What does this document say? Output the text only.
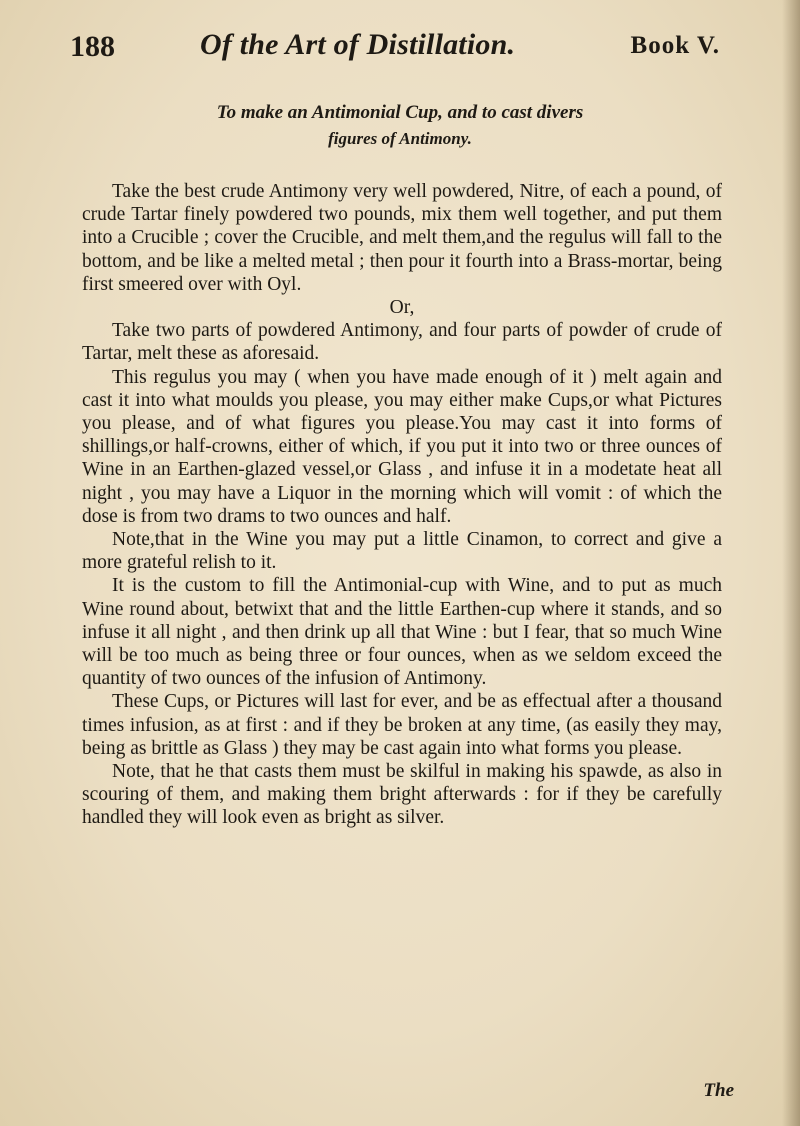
188	Of the Art of Distillation.	Book V.
To make an Antimonial Cup, and to cast divers
figures of Antimony.

Take the best crude Antimony very well powdered, Nitre, of each a pound, of crude Tartar finely powdered two pounds, mix them well together, and put them into a Crucible ; cover the Crucible, and melt them,and the regulus will fall to the bottom, and be like a melted metal ; then pour it fourth into a Brass-mortar, being first smeered over with Oyl.

Or,

Take two parts of powdered Antimony, and four parts of powder of crude of Tartar, melt these as aforesaid.

This regulus you may ( when you have made enough of it ) melt again and cast it into what moulds you please, you may either make Cups,or what Pictures you please, and of what figures you please.You may cast it into forms of shillings,or half-crowns, either of which, if you put it into two or three ounces of Wine in an Earthen-glazed vessel,or Glass , and infuse it in a modetate heat all night , you may have a Liquor in the morning which will vomit : of which the dose is from two drams to two ounces and half.

Note,that in the Wine you may put a little Cinamon, to correct and give a more grateful relish to it.

It is the custom to fill the Antimonial-cup with Wine, and to put as much Wine round about, betwixt that and the little Earthen-cup where it stands, and so infuse it all night , and then drink up all that Wine : but I fear, that so much Wine will be too much as being three or four ounces, when as we seldom exceed the quantity of two ounces of the infusion of Antimony.

These Cups, or Pictures will last for ever, and be as effectual after a thousand times infusion, as at first : and if they be broken at any time, (as easily they may, being as brittle as Glass ) they may be cast again into what forms you please.

Note, that he that casts them must be skilful in making his spawde, as also in scouring of them, and making them bright afterwards : for if they be carefully handled they will look even as bright as silver.

The
